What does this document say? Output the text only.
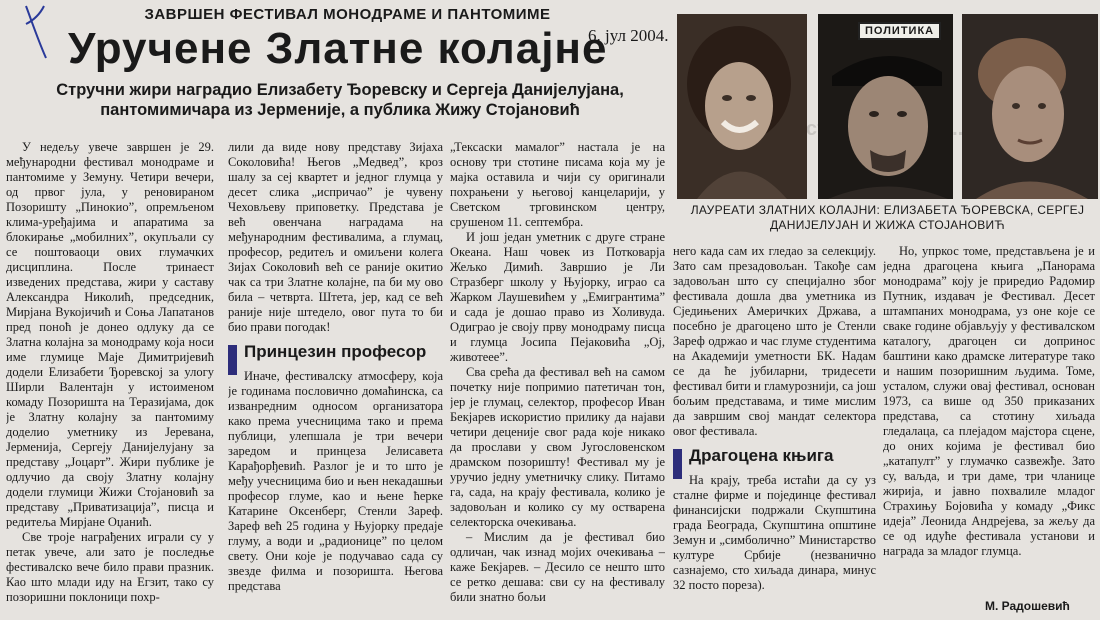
ЗАВРШЕН ФЕСТИВАЛ МОНОДРАМЕ И ПАНТОМИМЕ
Уручене Златне колајне
6. јул 2004.
Стручни жири наградио Елизабету Ђоревску и Сергеја Данијелујана, пантомимичара из Јерменије, а публика Жижу Стојановић
предстаци
ПОЛИТИКА
ЛАУРЕАТИ ЗЛАТНИХ КОЛАЈНИ: ЕЛИЗАБЕТА ЂОРЕВСКА, СЕРГЕЈ ДАНИЈЕЛУЈАН И ЖИЖА СТОЈАНОВИЋ

У недељу увече завршен је 29. међународни фестивал монодраме и пантомиме у Земуну. Четири вечери, од првог јула, у реновираном Позоришту „Пинокио”, опремљеном клима-уређајима и апаратима за блокирање „мобилних”, окупљали су се поштоваоци ових глумачких дисциплина. После тринаест изведених представа, жири у саставу Александра Николић, председник, Мирјана Вукојичић и Соња Лапатанов пред поноћ је донео одлуку да се Златна колајна за монодраму која носи име глумице Маје Димитријевић додели Елизабети Ђоревској за улогу Ширли Валентајн у истоименом комаду Позоришта на Теразијама, док је Златну колајну за пантомиму доделио уметнику из Јеревана, Јерменија, Сергеју Данијелујану за представу „Јоцарт”. Жири публике је одлучио да своју Златну колајну додели глумици Жижи Стојановић за представу „Приватизација”, писца и редитеља Мирјане Оџанић.

Све троје награђених играли су у петак увече, али зато је последње фестивалско вече било прави празник. Као што млади иду на Егзит, тако су позоришни поклоници похр-

лили да виде нову представу Зијаха Соколовића! Његов „Медвед”, кроз шалу за сеј квартет и једног глумца у десет слика „испричао” је чувену Чеховљеву приповетку. Представа је већ овенчана наградама на међународним фестивалима, а глумац, професор, редитељ и омиљени колега Зијах Соколовић већ се раније окитио чак са три Златне колајне, па би му ово била – четврта. Штета, јер, кад се већ раније није штедело, овог пута то би био прави погодак!

Принцезин професор

Иначе, фестивалску атмосферу, која је годинама пословично домаћинска, са изванредним односом организатора како према учесницима тако и према публици, улепшала је три вечери заредом и принцеза Јелисавета Карађорђевић. Разлог је и то што је међу учесницима био и њен некадашњи професор глуме, као и њене ћерке Катарине Оксенберг, Стенли Зареф. Зареф већ 25 година у Њујорку предаје глуму, а води и „радионице” по целом свету. Они које је подучавао сада су звезде филма и позоришта. Његова представа

„Тексаски мамалог” настала је на основу три стотине писама која му је мајка оставила и чији су оригинали похрањени у његовој канцеларији, у Светском трговинском центру, срушеном 11. септембра.

И још један уметник с друге стране Океана. Наш човек из Потковарја Жељко Димић. Завршио је Ли Стразберг школу у Њујорку, играо са Жарком Лаушевићем у „Емигрантима” и сада је дошао право из Холивуда. Одиграо је своју прву монодраму писца и глумца Јосипа Пејаковића „Ој, животеее”.

Сва срећа да фестивал већ на самом почетку није попримио патетичан тон, јер је глумац, селектор, професор Иван Бекјарев искористио прилику да најави четири деценије свог рада које никако да прослави у свом Југословенском драмском позоришту! Фестивал му је уручио једну уметничку слику. Питамо га, сада, на крају фестивала, колико је задовољан и колико су му остварена селекторска очекивања.

– Мислим да је фестивал био одличан, чак изнад мојих очекивања – каже Бекјарев. – Десило се нешто што се ретко дешава: сви су на фестивалу били знатно бољи

него када сам их гледао за селекцију. Зато сам презадовољан. Такође сам задовољан што су специјално због фестивала дошла два уметника из Сједињених Америчких Држава, а посебно је драгоцено што је Стенли Зареф одржао и час глуме студентима на Академији уметности БК. Надам се да ће јубиларни, тридесети фестивал бити и гламурознији, са још бољим представама, и тиме мислим да завршим свој мандат селектора овог фестивала.

Драгоцена књига

На крају, треба истаћи да су уз сталне фирме и појединце фестивал финансијски подржали Скупштина града Београда, Скупштина општине Земун и „симболично” Министарство културе Србије (незванично сазнајемо, сто хиљада динара, минус 32 посто пореза).

Но, упркос томе, представљена је и једна драгоцена књига „Панорама монодрама” коју је приредио Радомир Путник, издавач је Фестивал. Десет штампаних монодрама, уз оне које се сваке године објављују у фестивалском каталогу, драгоцен си допринос баштини како драмске литературе тако и нашим позоришним људима. Томе, усталом, служи овај фестивал, основан 1973, са више од 350 приказаних представа, са стотину хиљада гледалаца, са плејадом мајстора сцене, до оних којима је фестивал био „катапулт” у глумачко сазвежђе. Зато су, ваљда, и три даме, три чланице жирија, и јавно похвалиле младог Страхињу Бојовића у комаду „Фикс идеја” Леонида Андрејева, за жељу да се од идуће фестивала установи и награда за младог глумца.

М. Радошевић
